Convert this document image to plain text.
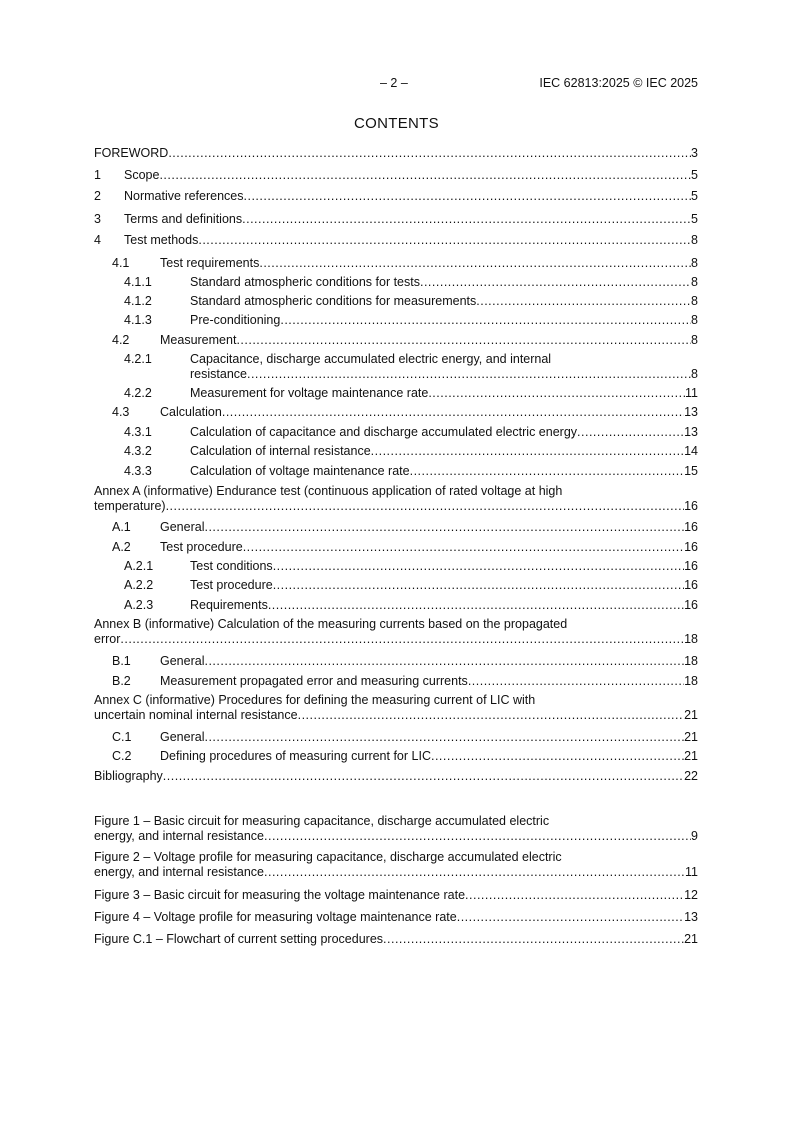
– 2 –	IEC 62813:2025 © IEC 2025
CONTENTS
FOREWORD .....	3
1 Scope .....	5
2 Normative references .....	5
3 Terms and definitions .....	5
4 Test methods .....	8
4.1 Test requirements .....	8
4.1.1	Standard atmospheric conditions for tests .....	8
4.1.2	Standard atmospheric conditions for measurements .....	8
4.1.3	Pre-conditioning .....	8
4.2 Measurement .....	8
4.2.1	Capacitance, discharge accumulated electric energy, and internal
resistance .....	8
4.2.2	Measurement for voltage maintenance rate .....	11
4.3 Calculation .....	13
4.3.1	Calculation of capacitance and discharge accumulated electric energy .....	13
4.3.2	Calculation of internal resistance .....	14
4.3.3	Calculation of voltage maintenance rate .....	15
Annex A (informative) Endurance test (continuous application of rated voltage at high
temperature) .....	16
A.1 General .....	16
A.2 Test procedure .....	16
A.2.1	Test conditions .....	16
A.2.2	Test procedure .....	16
A.2.3	Requirements .....	16
Annex B (informative) Calculation of the measuring currents based on the propagated
error .....	18
B.1 General .....	18
B.2 Measurement propagated error and measuring currents .....	18
Annex C (informative) Procedures for defining the measuring current of LIC with
uncertain nominal internal resistance .....	21
C.1 General .....	21
C.2 Defining procedures of measuring current for LIC .....	21
Bibliography .....	22
Figure 1 – Basic circuit for measuring capacitance, discharge accumulated electric
energy, and internal resistance .....	9
Figure 2 – Voltage profile for measuring capacitance, discharge accumulated electric
energy, and internal resistance .....	11
Figure 3 – Basic circuit for measuring the voltage maintenance rate .....	12
Figure 4 – Voltage profile for measuring voltage maintenance rate .....	13
Figure C.1 – Flowchart of current setting procedures .....	21
